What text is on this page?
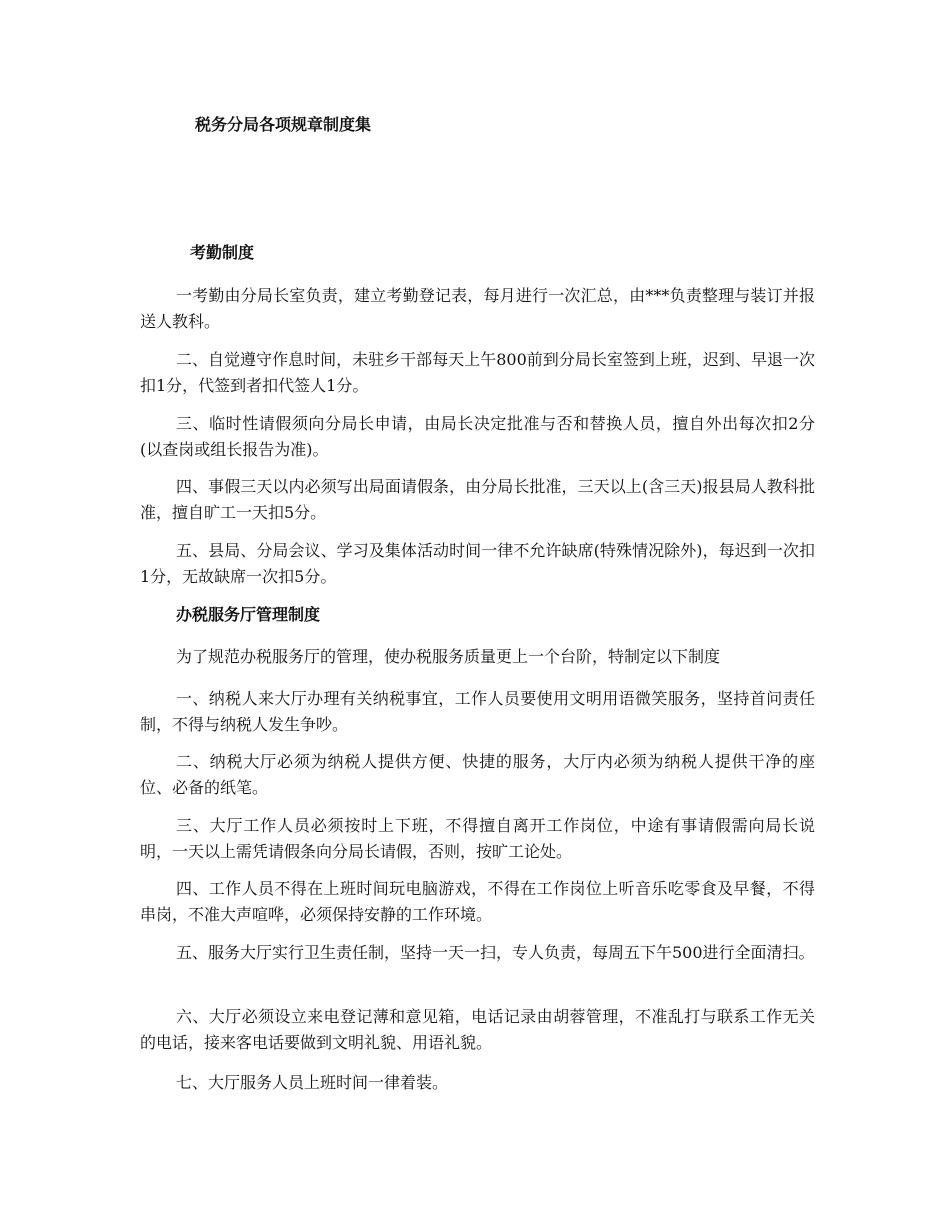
税务分局各项规章制度集
考勤制度

一考勤由分局长室负责，建立考勤登记表，每月进行一次汇总，由***负责整理与装订并报送人教科。

二、自觉遵守作息时间，未驻乡干部每天上午800前到分局长室签到上班，迟到、早退一次扣1分，代签到者扣代签人1分。

三、临时性请假须向分局长申请，由局长决定批准与否和替换人员，擅自外出每次扣2分(以查岗或组长报告为准)。

四、事假三天以内必须写出局面请假条，由分局长批准，三天以上(含三天)报县局人教科批准，擅自旷工一天扣5分。

五、县局、分局会议、学习及集体活动时间一律不允许缺席(特殊情况除外)，每迟到一次扣1分，无故缺席一次扣5分。

办税服务厅管理制度

为了规范办税服务厅的管理，使办税服务质量更上一个台阶，特制定以下制度

一、纳税人来大厅办理有关纳税事宜，工作人员要使用文明用语微笑服务，坚持首问责任制，不得与纳税人发生争吵。

二、纳税大厅必须为纳税人提供方便、快捷的服务，大厅内必须为纳税人提供干净的座位、必备的纸笔。

三、大厅工作人员必须按时上下班，不得擅自离开工作岗位，中途有事请假需向局长说明，一天以上需凭请假条向分局长请假，否则，按旷工论处。

四、工作人员不得在上班时间玩电脑游戏，不得在工作岗位上听音乐吃零食及早餐，不得串岗，不准大声喧哗，必须保持安静的工作环境。

五、服务大厅实行卫生责任制，坚持一天一扫，专人负责，每周五下午500进行全面清扫。

六、大厅必须设立来电登记薄和意见箱，电话记录由胡蓉管理，不准乱打与联系工作无关的电话，接来客电话要做到文明礼貌、用语礼貌。

七、大厅服务人员上班时间一律着装。
